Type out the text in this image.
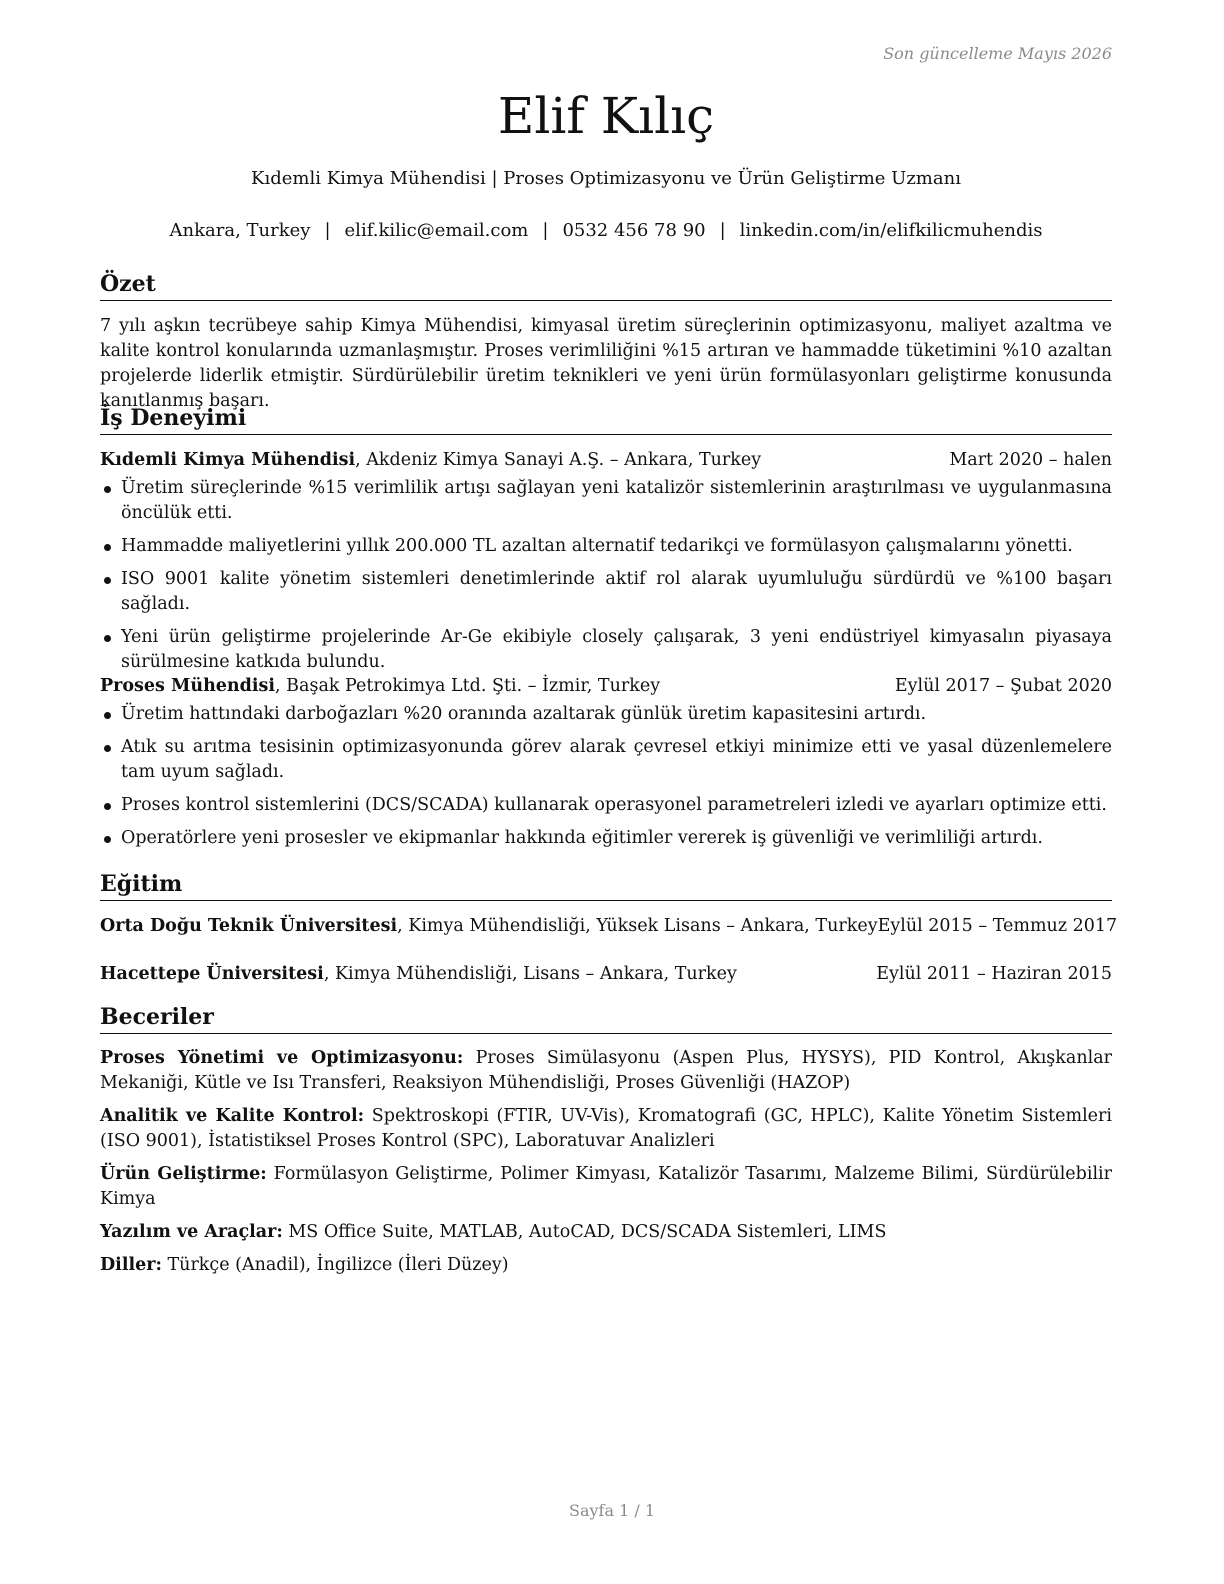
Son güncelleme Mayıs 2026
Elif Kılıç
Kıdemli Kimya Mühendisi | Proses Optimizasyonu ve Ürün Geliştirme Uzmanı
Ankara, Turkey | elif.kilic@email.com | 0532 456 78 90 | linkedin.com/in/elifkilicmuhendis
Özet
7 yılı aşkın tecrübeye sahip Kimya Mühendisi, kimyasal üretim süreçlerinin optimizasyonu, maliyet azaltma ve kalite kontrol konularında uzmanlaşmıştır. Proses verimliliğini %15 artıran ve hammadde tüketimini %10 azaltan projelerde liderlik etmiştir. Sürdürülebilir üretim teknikleri ve yeni ürün formülasyonları geliştirme konusunda kanıtlanmış başarı.
İş Deneyimi
Kıdemli Kimya Mühendisi, Akdeniz Kimya Sanayi A.Ş. – Ankara, Turkey	Mart 2020 – halen
Üretim süreçlerinde %15 verimlilik artışı sağlayan yeni katalizör sistemlerinin araştırılması ve uygulanmasına öncülük etti.
Hammadde maliyetlerini yıllık 200.000 TL azaltan alternatif tedarikçi ve formülasyon çalışmalarını yönetti.
ISO 9001 kalite yönetim sistemleri denetimlerinde aktif rol alarak uyumluluğu sürdürdü ve %100 başarı sağladı.
Yeni ürün geliştirme projelerinde Ar-Ge ekibiyle closely çalışarak, 3 yeni endüstriyel kimyasalın piyasaya sürülmesine katkıda bulundu.
Proses Mühendisi, Başak Petrokimya Ltd. Şti. – İzmir, Turkey	Eylül 2017 – Şubat 2020
Üretim hattındaki darboğazları %20 oranında azaltarak günlük üretim kapasitesini artırdı.
Atık su arıtma tesisinin optimizasyonunda görev alarak çevresel etkiyi minimize etti ve yasal düzenlemelere tam uyum sağladı.
Proses kontrol sistemlerini (DCS/SCADA) kullanarak operasyonel parametreleri izledi ve ayarları optimize etti.
Operatörlere yeni prosesler ve ekipmanlar hakkında eğitimler vererek iş güvenliği ve verimliliği artırdı.
Eğitim
Orta Doğu Teknik Üniversitesi, Kimya Mühendisliği, Yüksek Lisans – Ankara, Turkey Eylül 2015 – Temmuz 2017
Hacettepe Üniversitesi, Kimya Mühendisliği, Lisans – Ankara, Turkey	Eylül 2011 – Haziran 2015
Beceriler
Proses Yönetimi ve Optimizasyonu: Proses Simülasyonu (Aspen Plus, HYSYS), PID Kontrol, Akışkanlar Mekaniği, Kütle ve Isı Transferi, Reaksiyon Mühendisliği, Proses Güvenliği (HAZOP)
Analitik ve Kalite Kontrol: Spektroskopi (FTIR, UV-Vis), Kromatografi (GC, HPLC), Kalite Yönetim Sistemleri (ISO 9001), İstatistiksel Proses Kontrol (SPC), Laboratuvar Analizleri
Ürün Geliştirme: Formülasyon Geliştirme, Polimer Kimyası, Katalizör Tasarımı, Malzeme Bilimi, Sürdürülebilir Kimya
Yazılım ve Araçlar: MS Office Suite, MATLAB, AutoCAD, DCS/SCADA Sistemleri, LIMS
Diller: Türkçe (Anadil), İngilizce (İleri Düzey)
Sayfa 1 / 1
